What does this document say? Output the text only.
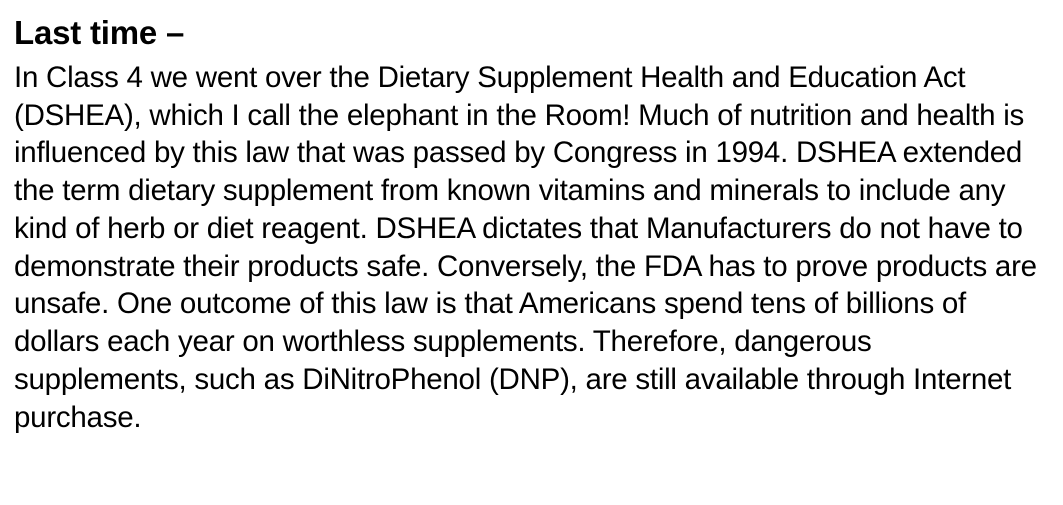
Last time –

In Class 4 we went over the Dietary Supplement Health and Education Act (DSHEA), which I call the elephant in the Room! Much of nutrition and health is influenced by this law that was passed by Congress in 1994. DSHEA extended the term dietary supplement from known vitamins and minerals to include any kind of herb or diet reagent. DSHEA dictates that Manufacturers do not have to demonstrate their products safe. Conversely, the FDA has to prove products are unsafe. One outcome of this law is that Americans spend tens of billions of dollars each year on worthless supplements. Therefore, dangerous supplements, such as DiNitroPhenol (DNP), are still available through Internet purchase.
